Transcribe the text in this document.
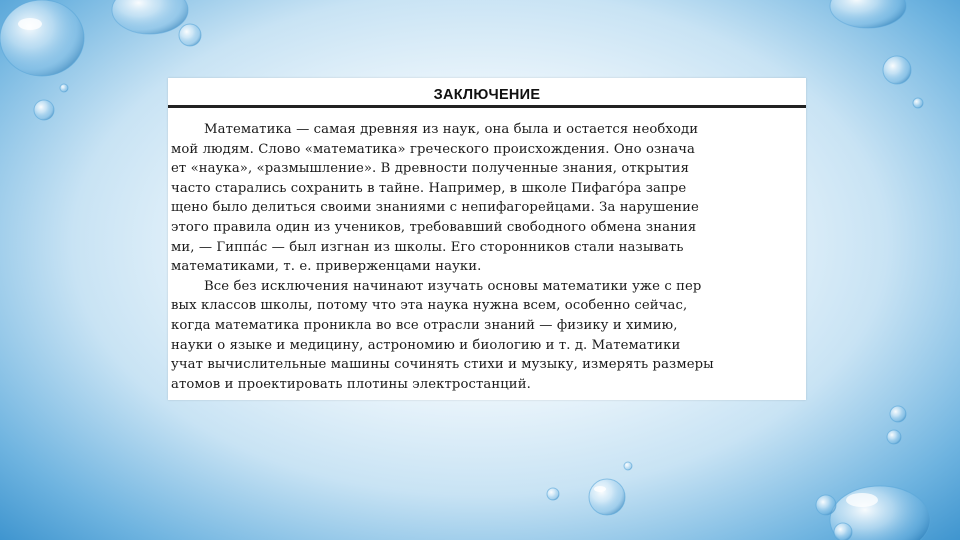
ЗАКЛЮЧЕНИЕ
Математика — самая древняя из наук, она была и остается необходи
мой людям. Слово «математика» греческого происхождения. Оно означа
ет «наука», «размышление». В древности полученные знания, открытия
часто старались сохранить в тайне. Например, в школе Пифагóра запре
щено было делиться своими знаниями с непифагорейцами. За нарушение
этого правила один из учеников, требовавший свободного обмена знания
ми, — Гиппáс — был изгнан из школы. Его сторонников стали называть
математиками, т. е. приверженцами науки.
Все без исключения начинают изучать основы математики уже с пер
вых классов школы, потому что эта наука нужна всем, особенно сейчас,
когда математика проникла во все отрасли знаний — физику и химию,
науки о языке и медицину, астрономию и биологию и т. д. Математики
учат вычислительные машины сочинять стихи и музыку, измерять размеры
атомов и проектировать плотины электростанций.
